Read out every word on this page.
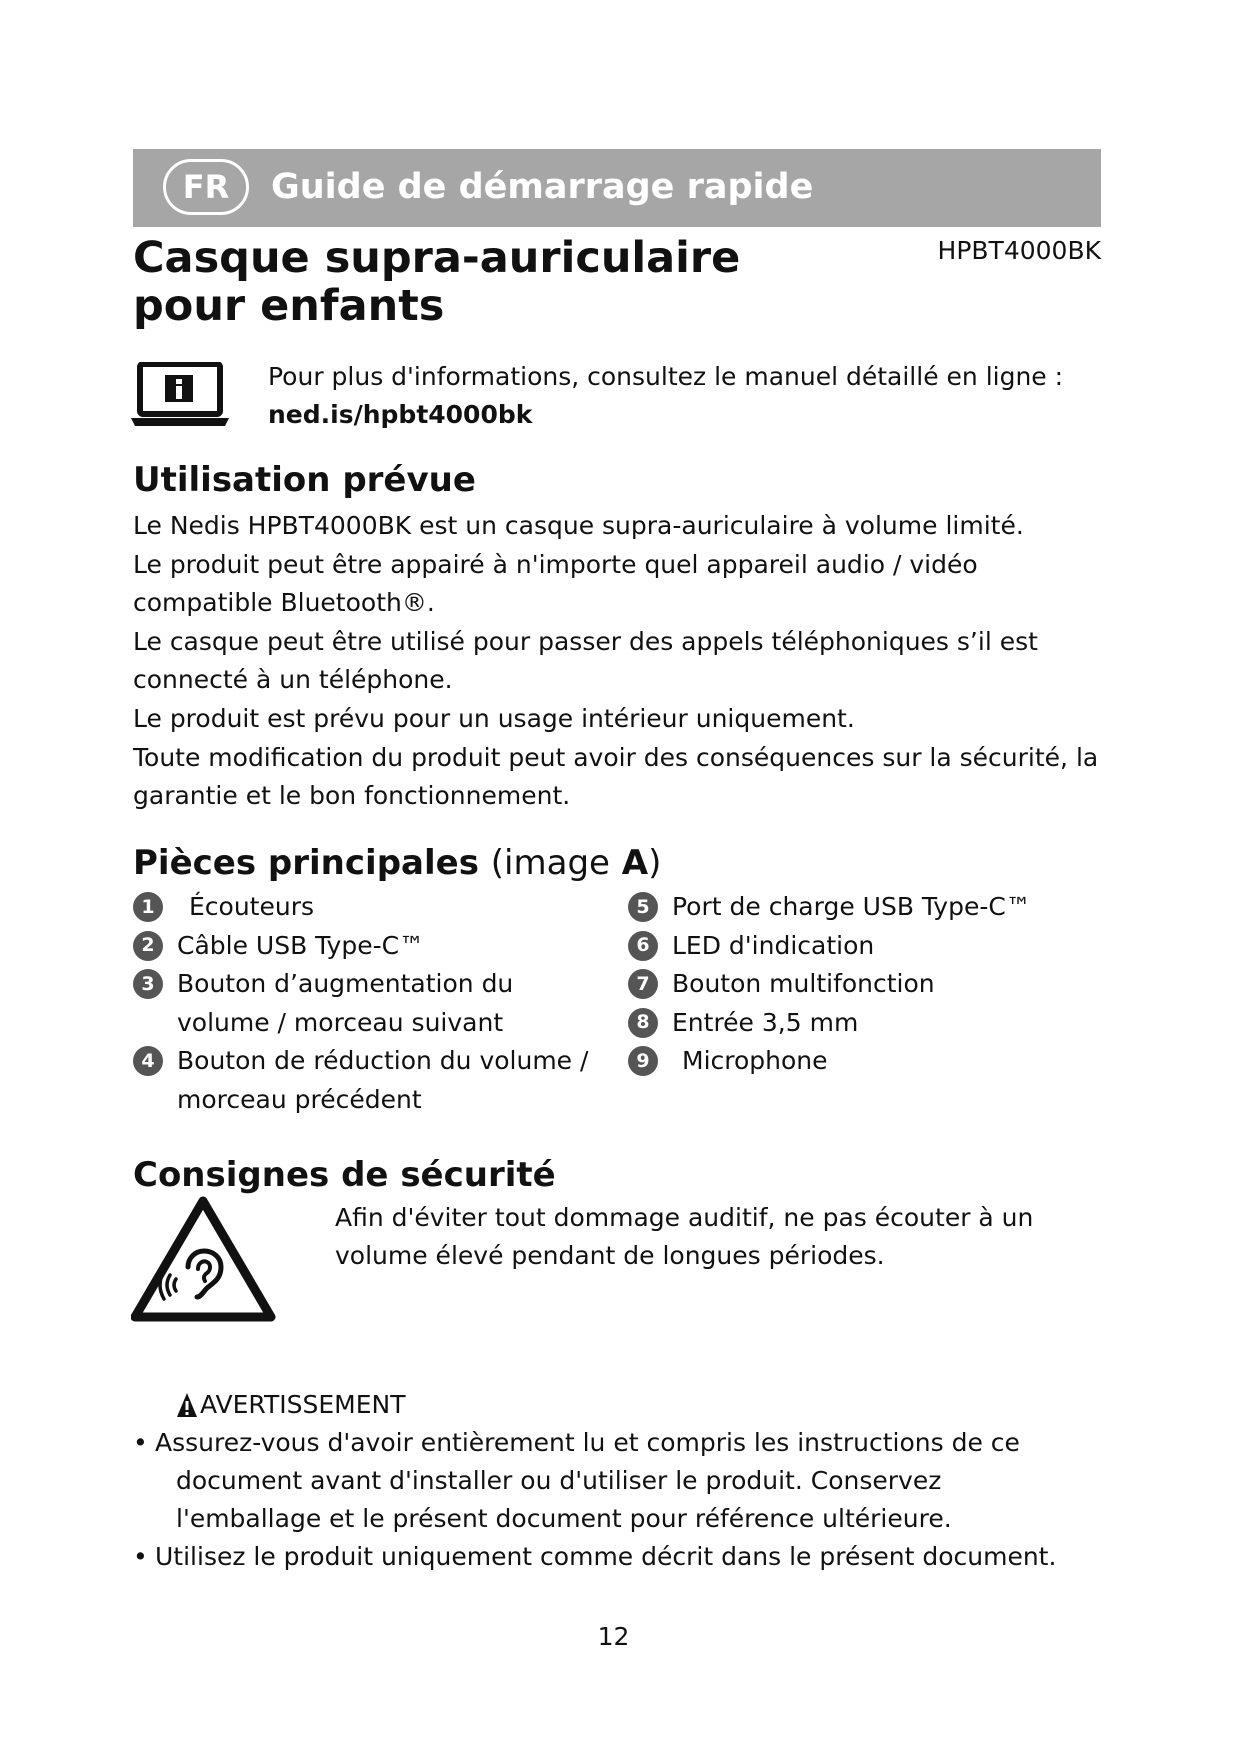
FR	Guide de démarrage rapide
Casque supra-auriculaire pour enfants
HPBT4000BK
Pour plus d'informations, consultez le manuel détaillé en ligne :
ned.is/hpbt4000bk
Utilisation prévue

Le Nedis HPBT4000BK est un casque supra-auriculaire à volume limité.

Le produit peut être appairé à n'importe quel appareil audio / vidéo compatible Bluetooth®.

Le casque peut être utilisé pour passer des appels téléphoniques s’il est connecté à un téléphone.

Le produit est prévu pour un usage intérieur uniquement.

Toute modification du produit peut avoir des conséquences sur la sécurité, la garantie et le bon fonctionnement.

Pièces principales (image A)
1	Écouteurs
2 Câble USB Type-C™
3 Bouton d’augmentation du volume / morceau suivant
4 Bouton de réduction du volume / morceau précédent
5 Port de charge USB Type-C™
6 LED d'indication
7 Bouton multifonction
8 Entrée 3,5 mm
9	Microphone
Consignes de sécurité
Afin d'éviter tout dommage auditif, ne pas écouter à un volume élevé pendant de longues périodes.
AVERTISSEMENT
• Assurez-vous d'avoir entièrement lu et compris les instructions de ce
document avant d'installer ou d'utiliser le produit. Conservez l'emballage et le présent document pour référence ultérieure.
• Utilisez le produit uniquement comme décrit dans le présent document.
12
